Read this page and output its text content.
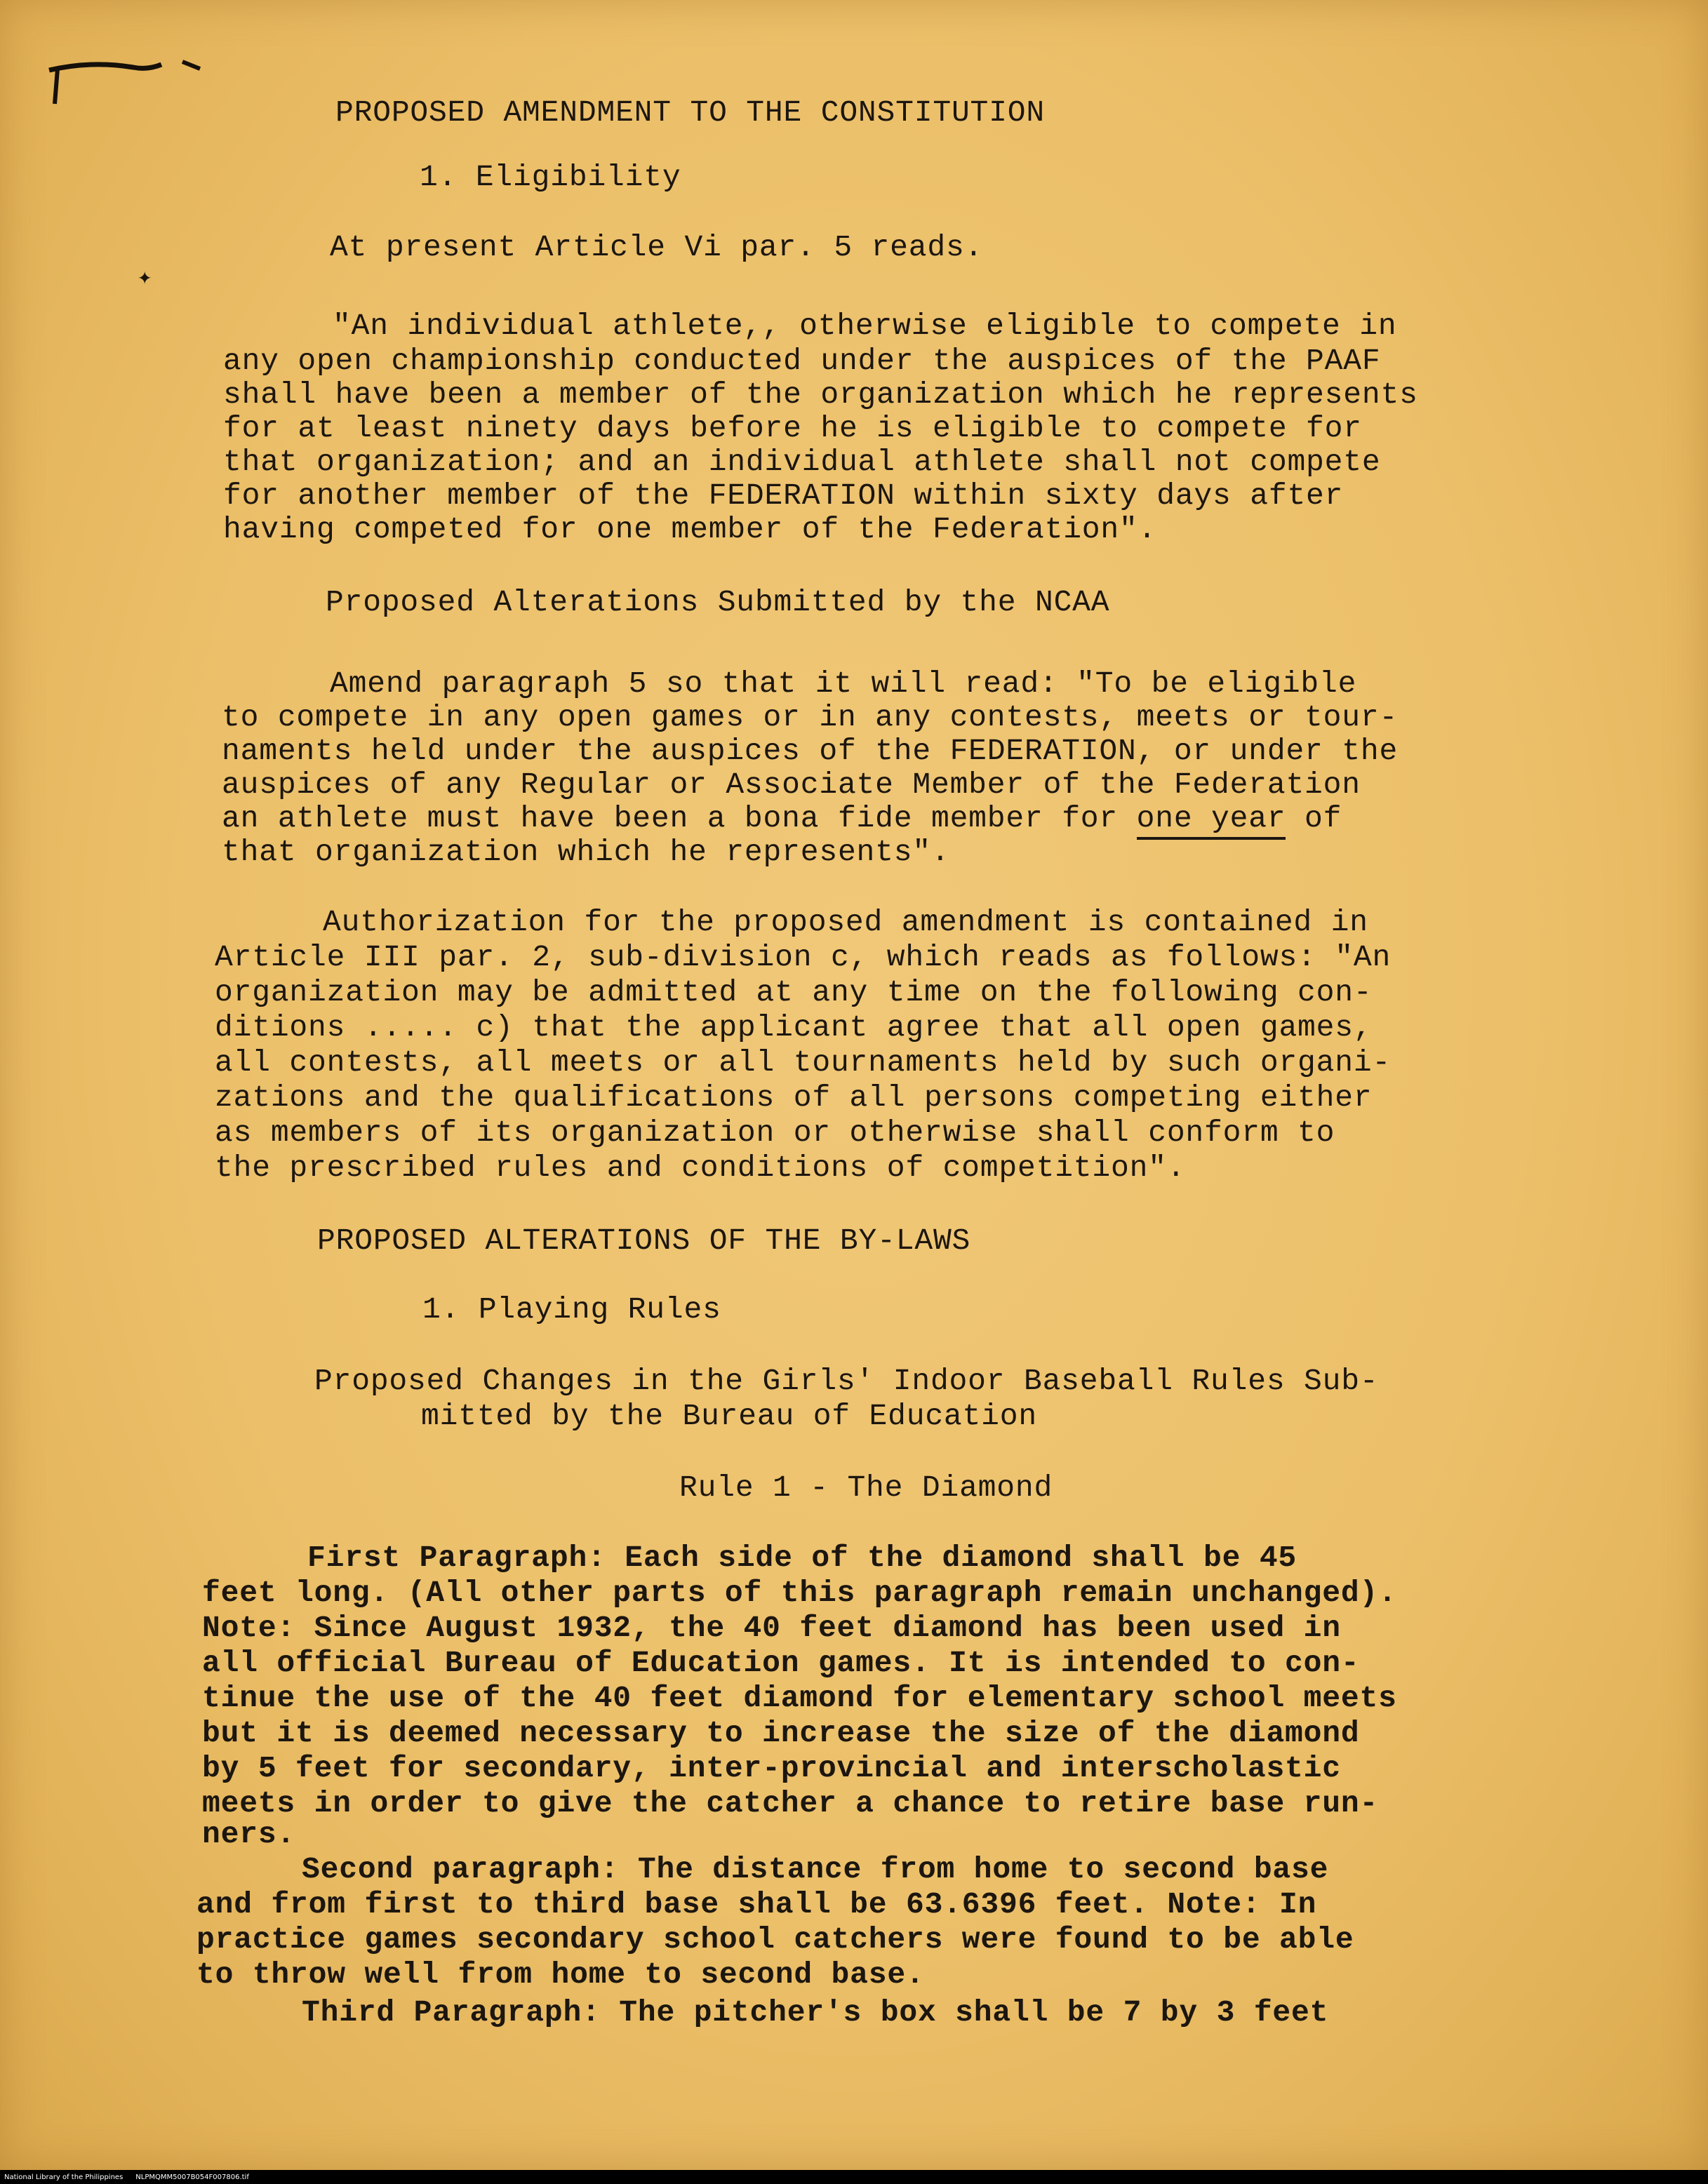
✦

PROPOSED AMENDMENT TO THE CONSTITUTION

1. Eligibility

At present Article Vi par. 5 reads.

"An individual athlete,, otherwise eligible to compete in

any open championship conducted under the auspices of the PAAF

shall have been a member of the organization which he represents

for at least ninety days before he is eligible to compete for

that organization; and an individual athlete shall not compete

for another member of the FEDERATION within sixty days after

having competed for one member of the Federation".

Proposed Alterations Submitted by the NCAA

Amend paragraph 5 so that it will read: "To be eligible

to compete in any open games or in any contests, meets or tour-

naments held under the auspices of the FEDERATION, or under the

auspices of any Regular or Associate Member of the Federation

an athlete must have been a bona fide member for one year of

that organization which he represents".

Authorization for the proposed amendment is contained in

Article III par. 2, sub-division c, which reads as follows: "An

organization may be admitted at any time on the following con-

ditions ..... c) that the applicant agree that all open games,

all contests, all meets or all tournaments held by such organi-

zations and the qualifications of all persons competing either

as members of its organization or otherwise shall conform to

the prescribed rules and conditions of competition".

PROPOSED ALTERATIONS OF THE BY-LAWS

1. Playing Rules

Proposed Changes in the Girls' Indoor Baseball Rules Sub-

mitted by the Bureau of Education

Rule 1 - The Diamond

First Paragraph: Each side of the diamond shall be 45

feet long. (All other parts of this paragraph remain unchanged).

Note: Since August 1932, the 40 feet diamond has been used in

all official Bureau of Education games. It is intended to con-

tinue the use of the 40 feet diamond for elementary school meets

but it is deemed necessary to increase the size of the diamond

by 5 feet for secondary, inter-provincial and interscholastic

meets in order to give the catcher a chance to retire base run-

ners.

Second paragraph: The distance from home to second base

and from first to third base shall be 63.6396 feet. Note: In

practice games secondary school catchers were found to be able

to throw well from home to second base.

Third Paragraph: The pitcher's box shall be 7 by 3 feet

National Library of the Philippines NLPMQMM5007B054F007806.tif
